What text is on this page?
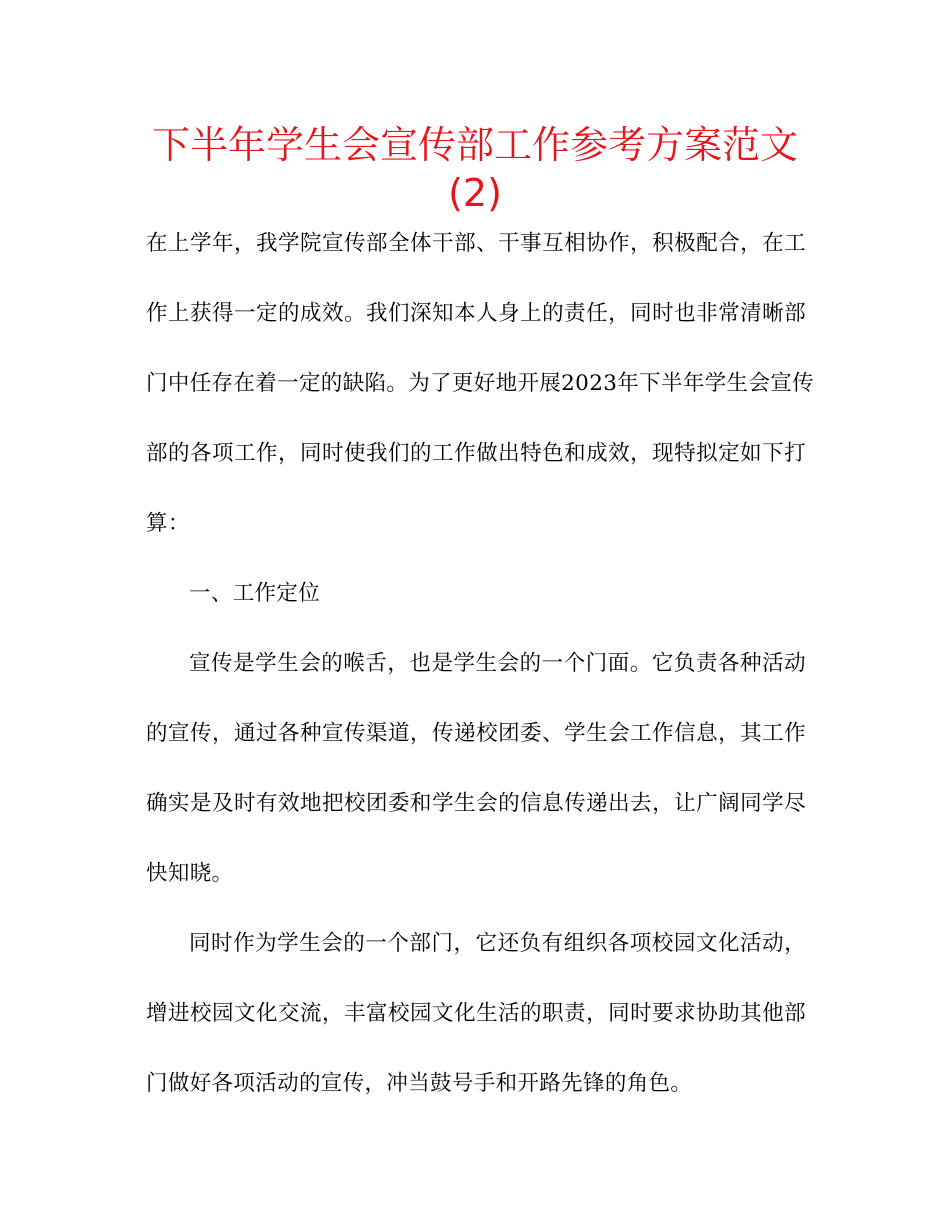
下半年学生会宣传部工作参考方案范文
(2)
在上学年，我学院宣传部全体干部、干事互相协作，积极配合，在工
作上获得一定的成效。我们深知本人身上的责任，同时也非常清晰部
门中任存在着一定的缺陷。为了更好地开展2023年下半年学生会宣传
部的各项工作，同时使我们的工作做出特色和成效，现特拟定如下打
算：
一、工作定位
宣传是学生会的喉舌，也是学生会的一个门面。它负责各种活动
的宣传，通过各种宣传渠道，传递校团委、学生会工作信息，其工作
确实是及时有效地把校团委和学生会的信息传递出去，让广阔同学尽
快知晓。
同时作为学生会的一个部门，它还负有组织各项校园文化活动，
增进校园文化交流，丰富校园文化生活的职责，同时要求协助其他部
门做好各项活动的宣传，冲当鼓号手和开路先锋的角色。
